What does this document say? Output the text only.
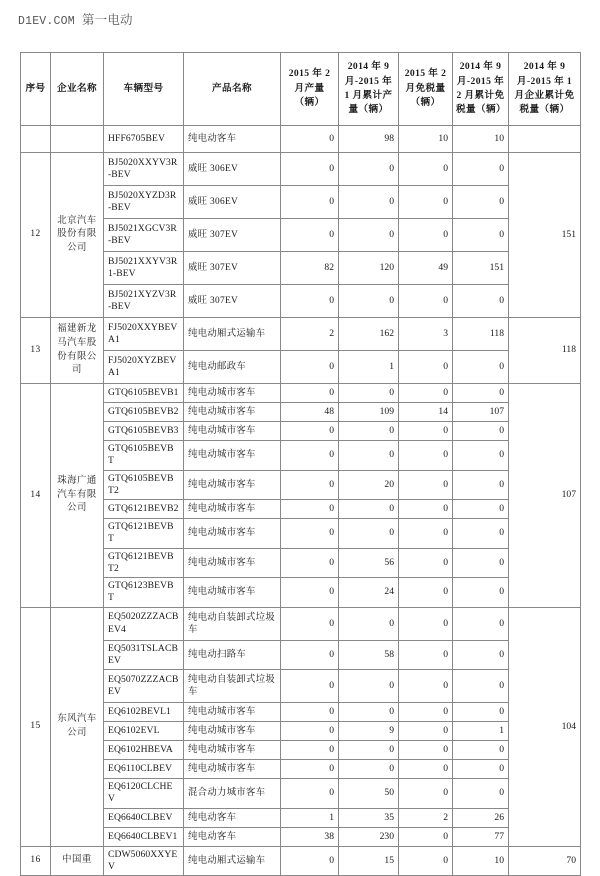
D1EV.COM 第一电动
序号	企业名称	车辆型号	产品名称	2015 年 2 月产量（辆）	2014 年 9 月-2015 年 1 月累计产量（辆）	2015 年 2 月免税量（辆）	2014 年 9 月-2015 年 2 月累计免税量（辆）	2014 年 9 月-2015 年 1 月企业累计免税量（辆）
		HFF6705BEV	纯电动客车	0	98	10	10	
12	北京汽车股份有限公司	BJ5020XXYV3R-BEV	威旺 306EV	0	0	0	0	151
		BJ5020XYZD3R-BEV	威旺 306EV	0	0	0	0	
		BJ5021XGCV3R-BEV	威旺 307EV	0	0	0	0	
		BJ5021XXYV3R1-BEV	威旺 307EV	82	120	49	151	
		BJ5021XYZV3R-BEV	威旺 307EV	0	0	0	0	
13	福建新龙马汽车股份有限公司	FJ5020XXYBEVA1	纯电动厢式运输车	2	162	3	118	118
		FJ5020XYZBEVA1	纯电动邮政车	0	1	0	0	
14	珠海广通汽车有限公司	GTQ6105BEVB1	纯电动城市客车	0	0	0	0	107
		GTQ6105BEVB2	纯电动城市客车	48	109	14	107	
		GTQ6105BEVB3	纯电动城市客车	0	0	0	0	
		GTQ6105BEVBT	纯电动城市客车	0	0	0	0	
		GTQ6105BEVBT2	纯电动城市客车	0	20	0	0	
		GTQ6121BEVB2	纯电动城市客车	0	0	0	0	
		GTQ6121BEVBT	纯电动城市客车	0	0	0	0	
		GTQ6121BEVBT2	纯电动城市客车	0	56	0	0	
		GTQ6123BEVBT	纯电动城市客车	0	24	0	0	
15	东风汽车公司	EQ5020ZZZACBEV4	纯电动自装卸式垃圾车	0	0	0	0	104
		EQ5031TSLACBEV	纯电动扫路车	0	58	0	0	
		EQ5070ZZZACBEV	纯电动自装卸式垃圾车	0	0	0	0	
		EQ6102BEVL1	纯电动城市客车	0	0	0	0	
		EQ6102EVL	纯电动城市客车	0	9	0	1	
		EQ6102HBEVA	纯电动城市客车	0	0	0	0	
		EQ6110CLBEV	纯电动城市客车	0	0	0	0	
		EQ6120CLCHEV	混合动力城市客车	0	50	0	0	
		EQ6640CLBEV	纯电动客车	1	35	2	26	
		EQ6640CLBEV1	纯电动客车	38	230	0	77	
16	中国重	CDW5060XXYEV	纯电动厢式运输车	0	15	0	10	70
